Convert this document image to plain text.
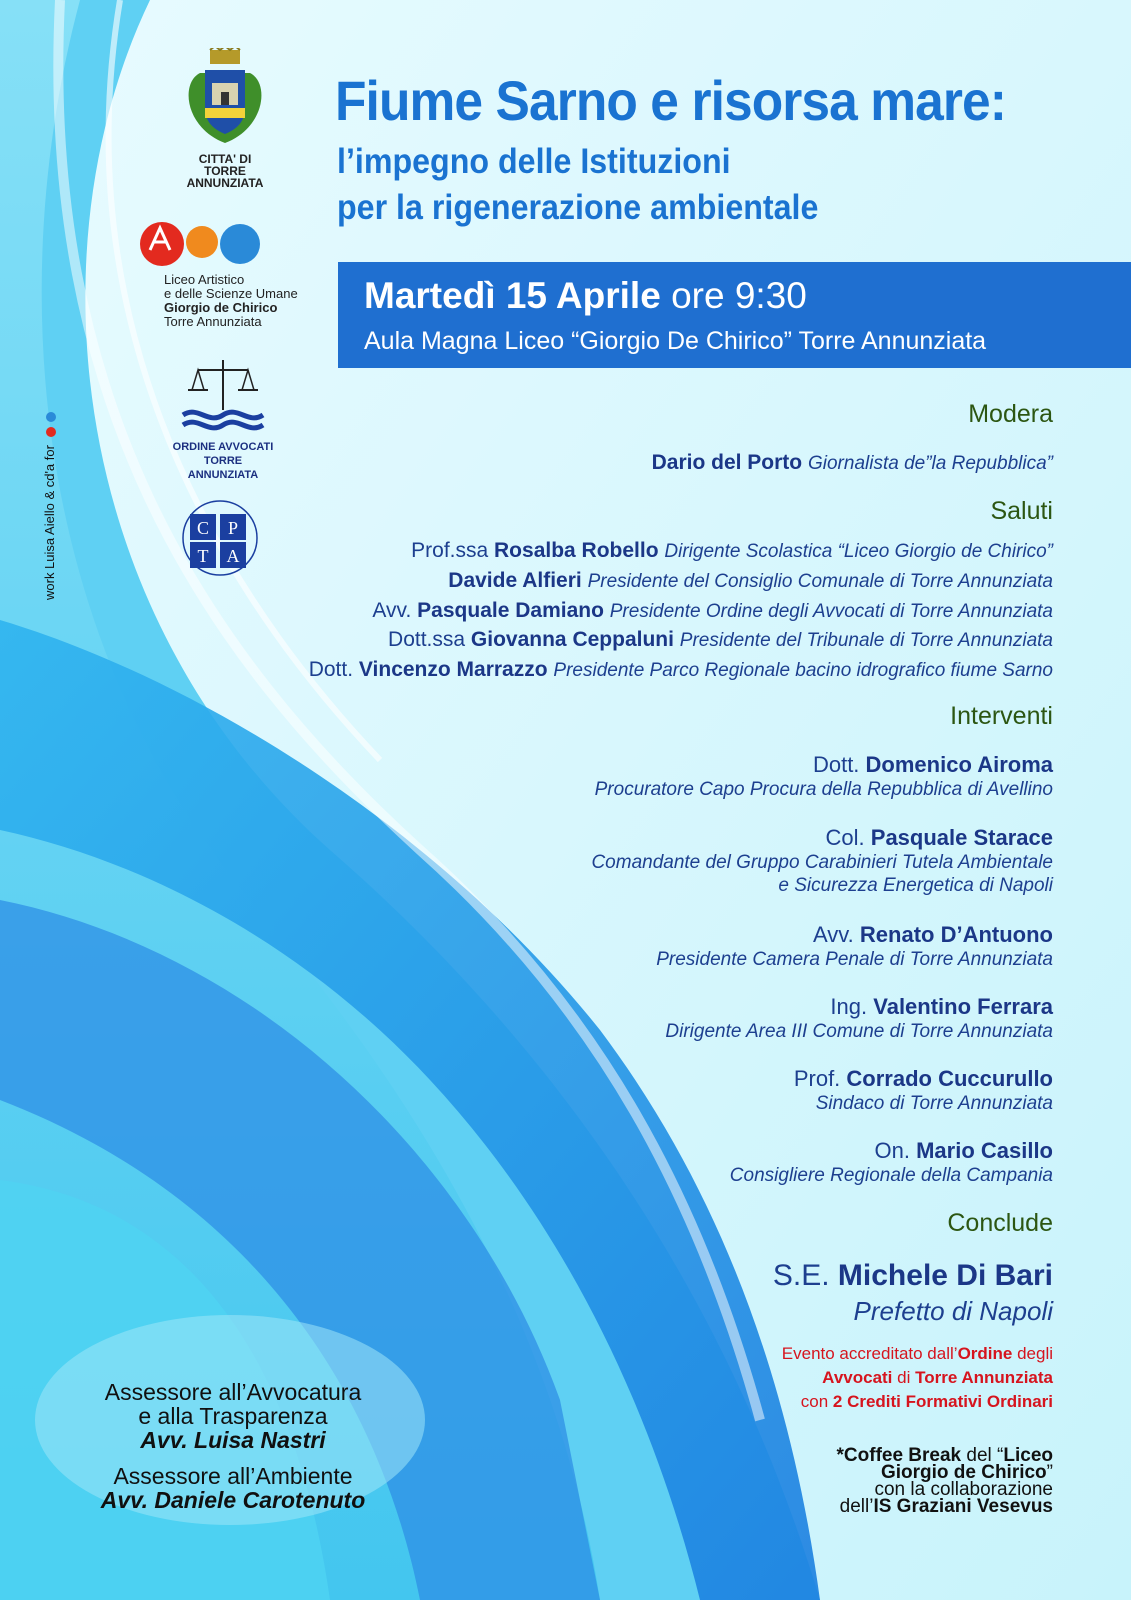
CITTA' DI
TORRE
ANNUNZIATA
Liceo Artistico
e delle Scienze Umane
Giorgio de Chirico
Torre Annunziata
ORDINE AVVOCATI
TORRE ANNUNZIATA
C P
T A
work Luisa Aiello & cd'a for
Fiume Sarno e risorsa mare:
l’impegno delle Istituzioni
per la rigenerazione ambientale
Martedì 15 Aprile ore 9:30
Aula Magna Liceo “Giorgio De Chirico” Torre Annunziata
Modera
Dario del Porto Giornalista de”la Repubblica”
Saluti
Prof.ssa Rosalba Robello Dirigente Scolastica “Liceo Giorgio de Chirico”
Davide Alfieri Presidente del Consiglio Comunale di Torre Annunziata
Avv. Pasquale Damiano Presidente Ordine degli Avvocati di Torre Annunziata
Dott.ssa Giovanna Ceppaluni Presidente del Tribunale di Torre Annunziata
Dott. Vincenzo Marrazzo Presidente Parco Regionale bacino idrografico fiume Sarno
Interventi
Dott. Domenico Airoma
Procuratore Capo Procura della Repubblica di Avellino
Col. Pasquale Starace
Comandante del Gruppo Carabinieri Tutela Ambientale
e Sicurezza Energetica di Napoli
Avv. Renato D’Antuono
Presidente Camera Penale di Torre Annunziata
Ing. Valentino Ferrara
Dirigente Area III Comune di Torre Annunziata
Prof. Corrado Cuccurullo
Sindaco di Torre Annunziata
On. Mario Casillo
Consigliere Regionale della Campania
Conclude
S.E. Michele Di Bari
Prefetto di Napoli
Evento accreditato dall’Ordine degli
Avvocati di Torre Annunziata
con 2 Crediti Formativi Ordinari
*Coffee Break del “Liceo
Giorgio de Chirico”
con la collaborazione
dell’IS Graziani Vesevus
Assessore all’Avvocatura
e alla Trasparenza
Avv. Luisa Nastri
Assessore all’Ambiente
Avv. Daniele Carotenuto
